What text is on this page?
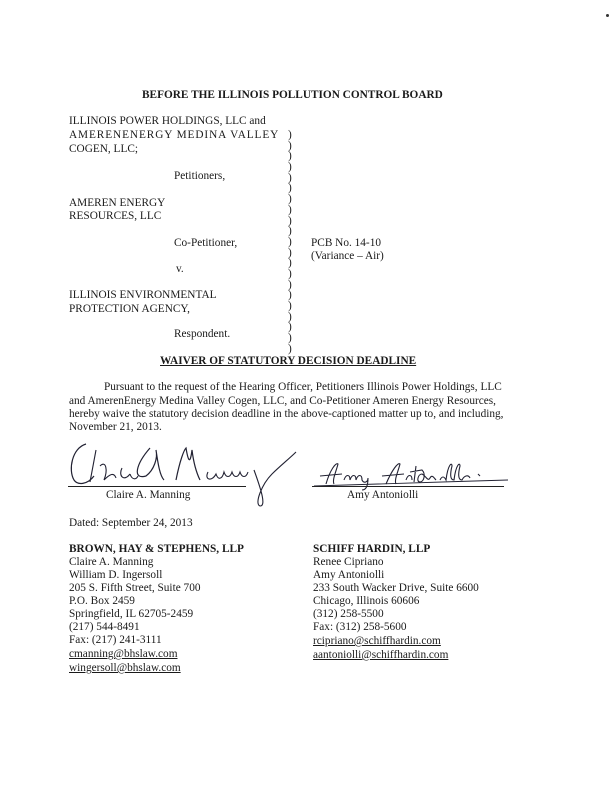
BEFORE THE ILLINOIS POLLUTION CONTROL BOARD
ILLINOIS POWER HOLDINGS, LLC and
AMERENENERGY MEDINA VALLEY
COGEN, LLC;
Petitioners,
AMEREN ENERGY
RESOURCES, LLC
Co-Petitioner,
v.
ILLINOIS ENVIRONMENTAL
PROTECTION AGENCY,
Respondent.
)
)
)
)
)
)
)
)
)
)
)
)
)
)
)
)
)
)
)
)
)
PCB No. 14-10
(Variance – Air)
WAIVER OF STATUTORY DECISION DEADLINE
Pursuant to the request of the Hearing Officer, Petitioners Illinois Power Holdings, LLC
and AmerenEnergy Medina Valley Cogen, LLC, and Co-Petitioner Ameren Energy Resources,
hereby waive the statutory decision deadline in the above-captioned matter up to, and including,
November 21, 2013.
Claire A. Manning	Amy Antoniolli
Dated: September 24, 2013
BROWN, HAY & STEPHENS, LLP
Claire A. Manning
William D. Ingersoll
205 S. Fifth Street, Suite 700
P.O. Box 2459
Springfield, IL 62705-2459
(217) 544-8491
Fax: (217) 241-3111
cmanning@bhslaw.com
wingersoll@bhslaw.com
SCHIFF HARDIN, LLP
Renee Cipriano
Amy Antoniolli
233 South Wacker Drive, Suite 6600
Chicago, Illinois 60606
(312) 258-5500
Fax: (312) 258-5600
rcipriano@schiffhardin.com
aantoniolli@schiffhardin.com
